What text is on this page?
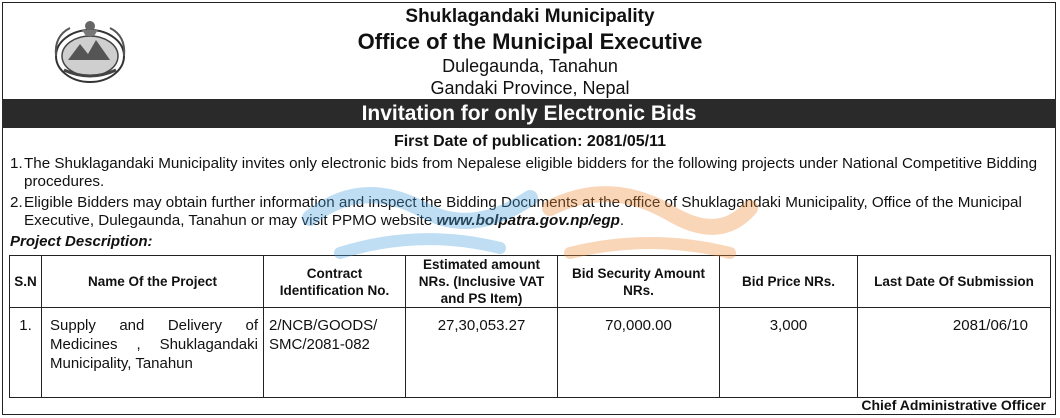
Shuklagandaki Municipality
Office of the Municipal Executive
Dulegaunda, Tanahun
Gandaki Province, Nepal
Invitation for only Electronic Bids
First Date of publication: 2081/05/11
1. The Shuklagandaki Municipality invites only electronic bids from Nepalese eligible bidders for the following projects under National Competitive Bidding procedures.
2. Eligible Bidders may obtain further information and inspect the Bidding Documents at the office of Shuklagandaki Municipality, Office of the Municipal Executive, Dulegaunda, Tanahun or may visit PPMO website www.bolpatra.gov.np/egp.
Project Description:
S.N	Name Of the Project	Contract Identification No.	Estimated amount NRs. (Inclusive VAT and PS Item)	Bid Security Amount NRs.	Bid Price NRs.	Last Date Of Submission
1.	Supply and Delivery of Medicines , Shuklagandaki Municipality, Tanahun	2/NCB/GOODS/ SMC/2081-082	27,30,053.27	70,000.00	3,000	2081/06/10
Chief Administrative Officer
